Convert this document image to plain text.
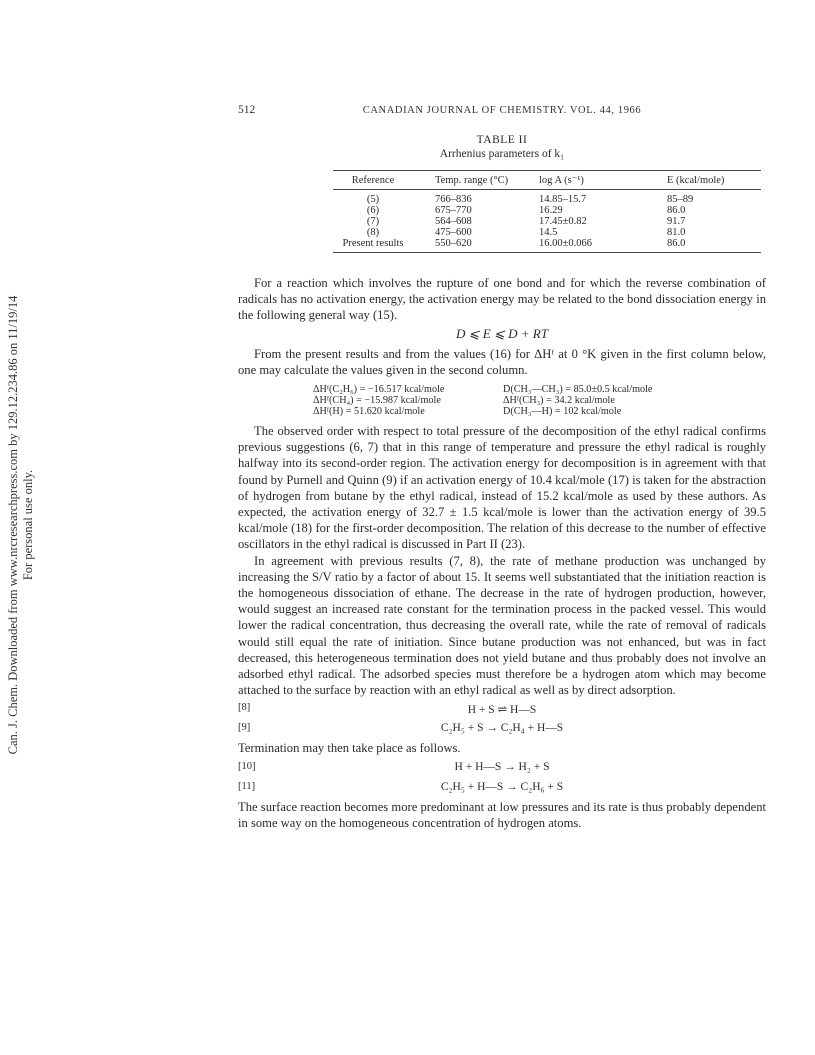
Can. J. Chem. Downloaded from www.nrcresearchpress.com by 129.12.234.86 on 11/19/14 For personal use only.
512	CANADIAN JOURNAL OF CHEMISTRY. VOL. 44, 1966
TABLE II
Arrhenius parameters of k₁
Reference	Temp. range (°C)	log A (s⁻¹)	E (kcal/mole)
(5)	766–836	14.85–15.7	85–89
(6)	675–770	16.29	86.0
(7)	564–608	17.45±0.82	91.7
(8)	475–600	14.5	81.0
Present results	550–620	16.00±0.066	86.0

For a reaction which involves the rupture of one bond and for which the reverse combination of radicals has no activation energy, the activation energy may be related to the bond dissociation energy in the following general way (15).

D ⩽ E ⩽ D + RT

From the present results and from the values (16) for ΔHᶠ at 0 °K given in the first column below, one may calculate the values given in the second column.

ΔHᶠ(C₂H₆) = −16.517 kcal/mole	D(CH₃—CH₃) = 85.0±0.5 kcal/mole
ΔHᶠ(CH₄) = −15.987 kcal/mole	ΔHᶠ(CH₃) = 34.2 kcal/mole
ΔHᶠ(H) = 51.620 kcal/mole	D(CH₃—H) = 102 kcal/mole

The observed order with respect to total pressure of the decomposition of the ethyl radical confirms previous suggestions (6, 7) that in this range of temperature and pressure the ethyl radical is roughly halfway into its second-order region. The activation energy for decomposition is in agreement with that found by Purnell and Quinn (9) if an activation energy of 10.4 kcal/mole (17) is taken for the abstraction of hydrogen from butane by the ethyl radical, instead of 15.2 kcal/mole as used by these authors. As expected, the activation energy of 32.7 ± 1.5 kcal/mole is lower than the activation energy of 39.5 kcal/mole (18) for the first-order decomposition. The relation of this decrease to the number of effective oscillators in the ethyl radical is discussed in Part II (23).

In agreement with previous results (7, 8), the rate of methane production was unchanged by increasing the S/V ratio by a factor of about 15. It seems well substantiated that the initiation reaction is the homogeneous dissociation of ethane. The decrease in the rate of hydrogen production, however, would suggest an increased rate constant for the termination process in the packed vessel. This would lower the radical concentration, thus decreasing the overall rate, while the rate of removal of radicals would still equal the rate of initiation. Since butane production was not enhanced, but was in fact decreased, this heterogeneous termination does not yield butane and thus probably does not involve an adsorbed ethyl radical. The adsorbed species must therefore be a hydrogen atom which may become attached to the surface by reaction with an ethyl radical as well as by direct adsorption.

[8]	H + S ⇌ H—S
[9]	C₂H₅ + S → C₂H₄ + H—S

Termination may then take place as follows.

[10]	H + H—S → H₂ + S
[11]	C₂H₅ + H—S → C₂H₆ + S

The surface reaction becomes more predominant at low pressures and its rate is thus probably dependent in some way on the homogeneous concentration of hydrogen atoms.
